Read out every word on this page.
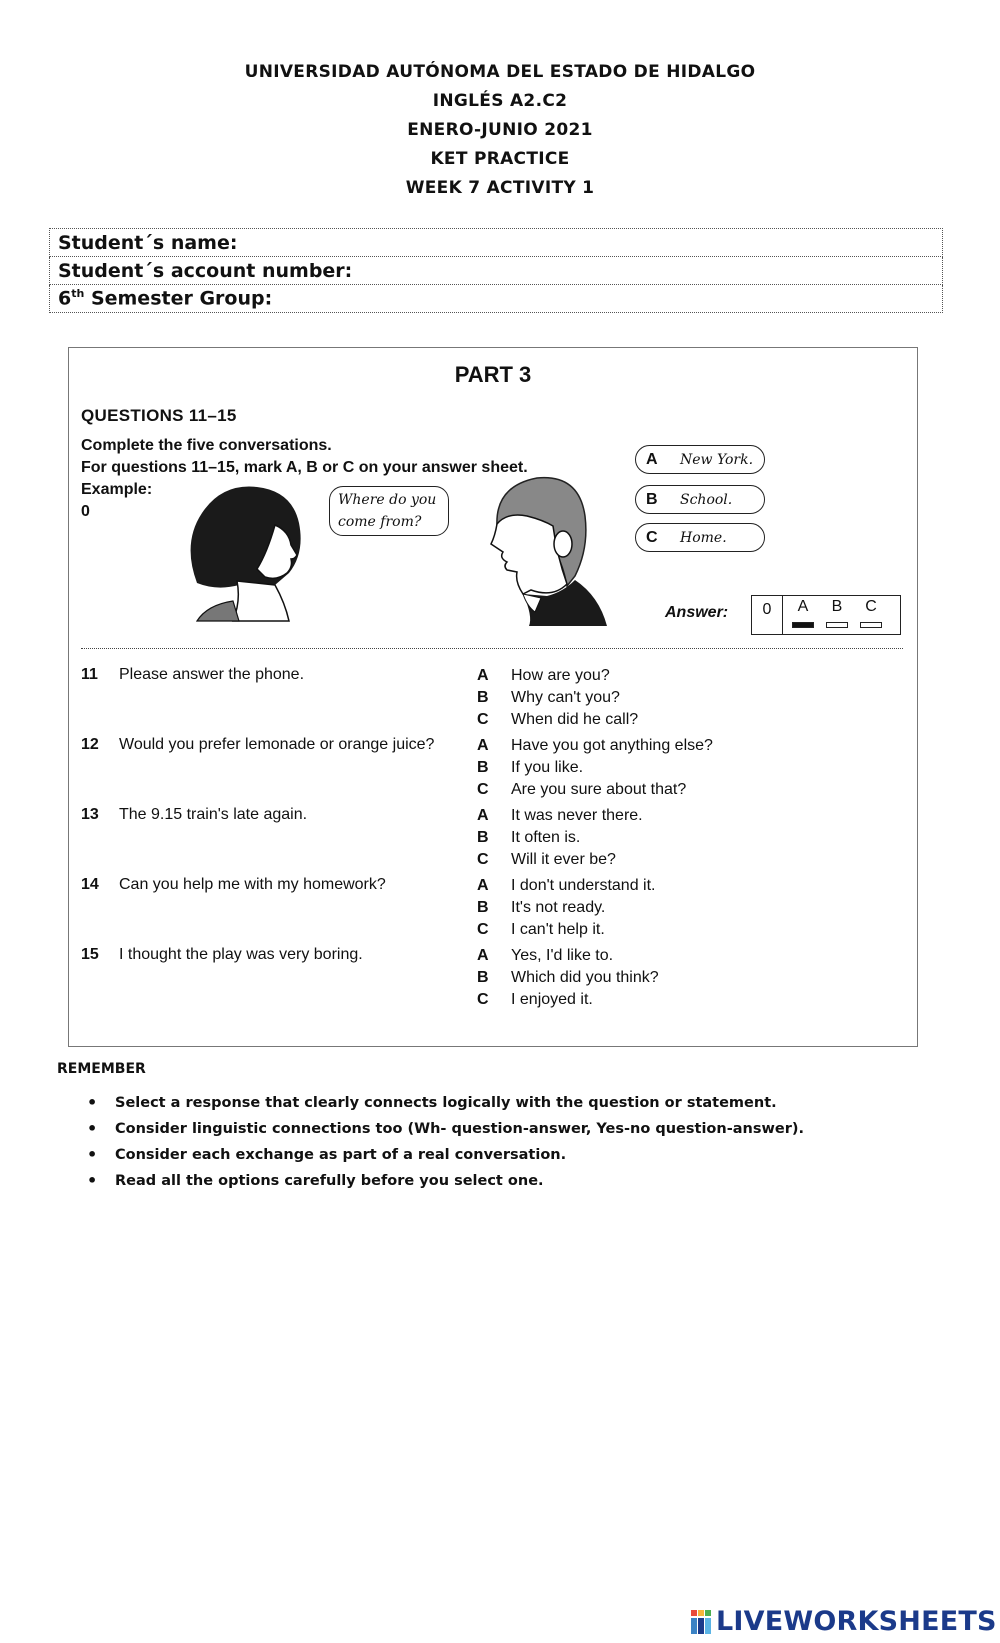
UNIVERSIDAD AUTÓNOMA DEL ESTADO DE HIDALGO
INGLÉS A2.C2
ENERO-JUNIO 2021
KET PRACTICE
WEEK 7 ACTIVITY 1
Student´s name:
Student´s account number:
6th Semester Group:
PART 3
QUESTIONS 11–15
Complete the five conversations.
For questions 11–15, mark A, B or C on your answer sheet.
Example:
0
Where do you come from?
A	New York.
B	School.
C	Home.
Answer:	0	A	B	C
11 Please answer the phone.	A How are you?
B Why can't you?
C When did he call?
12 Would you prefer lemonade or orange juice?	A Have you got anything else?
B If you like.
C Are you sure about that?
13 The 9.15 train's late again.	A It was never there.
B It often is.
C Will it ever be?
14 Can you help me with my homework?	A I don't understand it.
B It's not ready.
C I can't help it.
15 I thought the play was very boring.	A Yes, I'd like to.
B Which did you think?
C I enjoyed it.
REMEMBER
• Select a response that clearly connects logically with the question or statement.
• Consider linguistic connections too (Wh- question-answer, Yes-no question-answer).
• Consider each exchange as part of a real conversation.
• Read all the options carefully before you select one.
LIVEWORKSHEETS
